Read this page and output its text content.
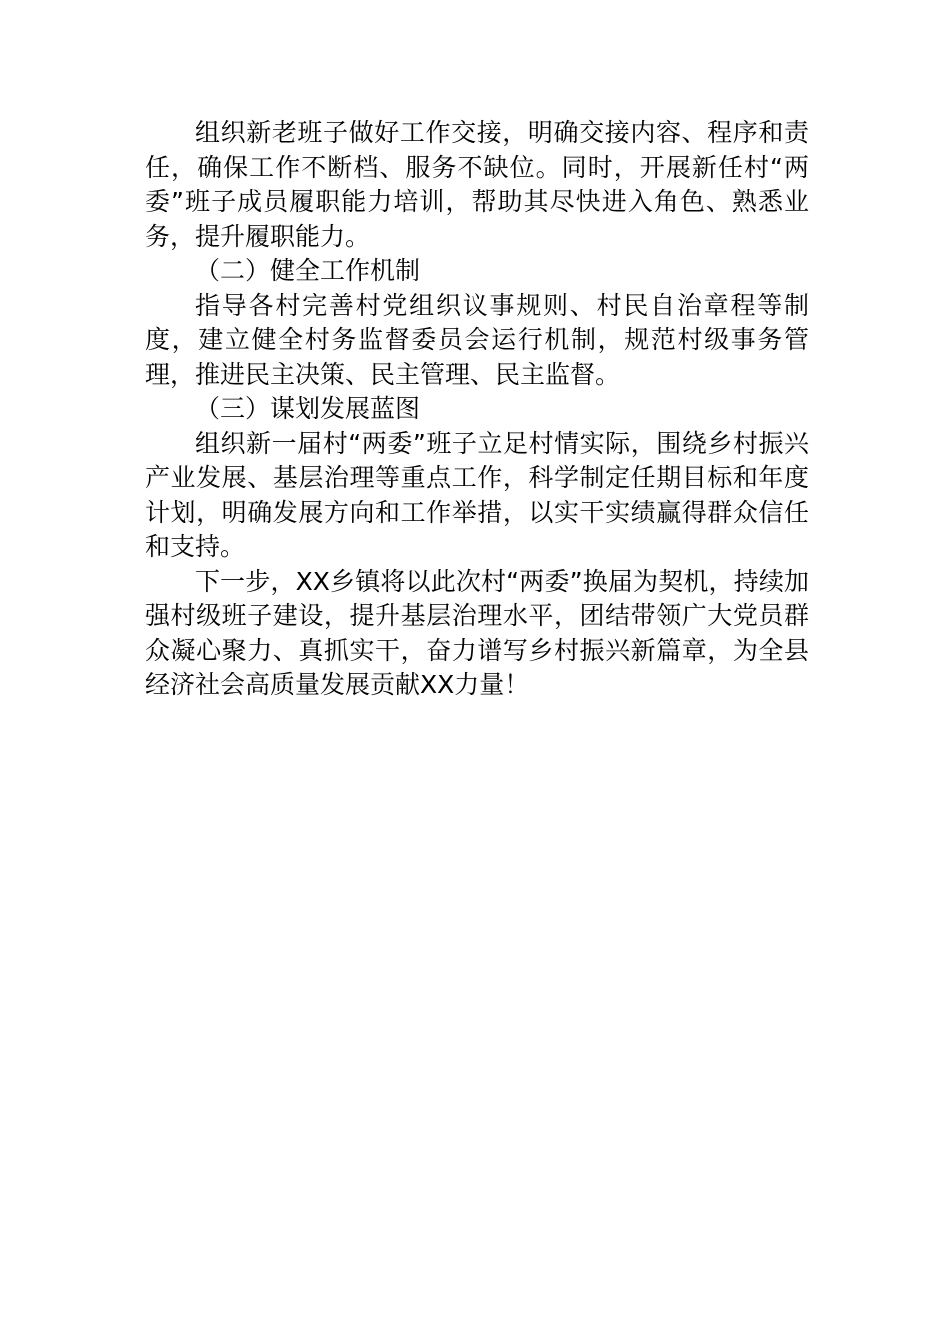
组织新老班子做好工作交接，明确交接内容、程序和责任，确保工作不断档、服务不缺位。同时，开展新任村“两委”班子成员履职能力培训，帮助其尽快进入角色、熟悉业务，提升履职能力。

（二）健全工作机制

指导各村完善村党组织议事规则、村民自治章程等制度，建立健全村务监督委员会运行机制，规范村级事务管理，推进民主决策、民主管理、民主监督。

（三）谋划发展蓝图

组织新一届村“两委”班子立足村情实际，围绕乡村振兴产业发展、基层治理等重点工作，科学制定任期目标和年度计划，明确发展方向和工作举措，以实干实绩赢得群众信任和支持。

下一步，XX乡镇将以此次村“两委”换届为契机，持续加强村级班子建设，提升基层治理水平，团结带领广大党员群众凝心聚力、真抓实干，奋力谱写乡村振兴新篇章，为全县经济社会高质量发展贡献XX力量！
